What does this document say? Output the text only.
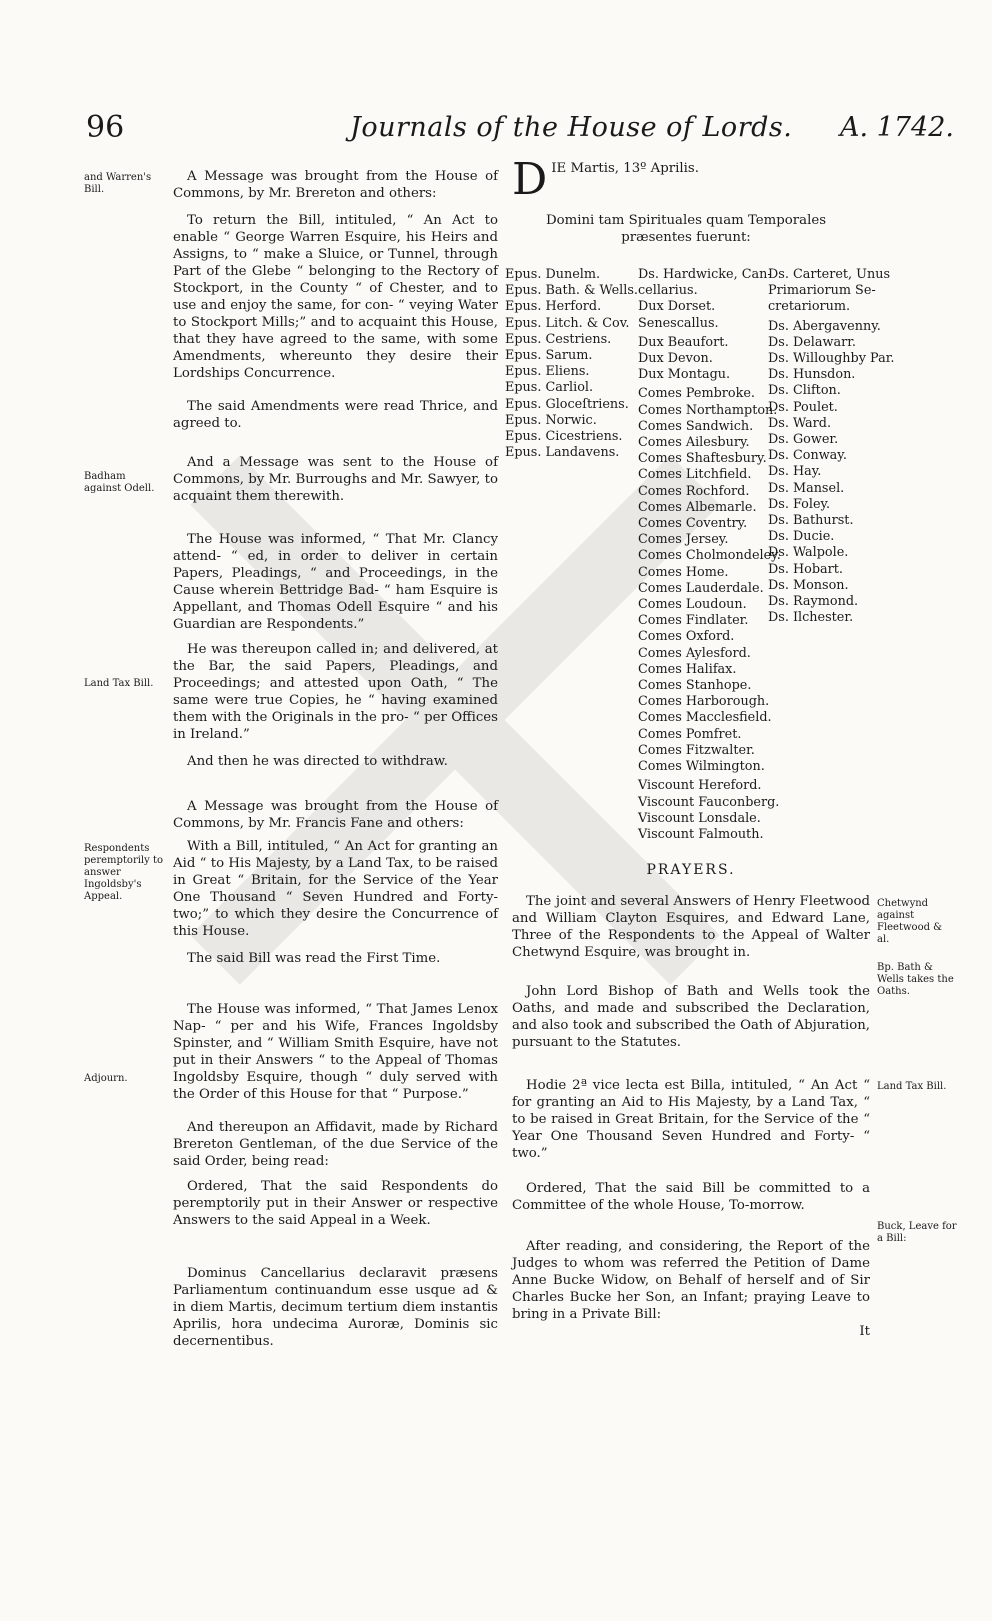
96	Journals of the House of Lords. A. 1742.
and Warren's Bill.
Badham against Odell.
Land Tax Bill.
Respondents peremptorily to answer Ingoldsby's Appeal.
Adjourn.
Chetwynd against Fleetwood & al.
Bp. Bath & Wells takes the Oaths.
Land Tax Bill.
Buck, Leave for a Bill:

A Message was brought from the House of Commons, by Mr. Brereton and others:

To return the Bill, intituled, “ An Act to enable “ George Warren Esquire, his Heirs and Assigns, to “ make a Sluice, or Tunnel, through Part of the Glebe “ belonging to the Rectory of Stockport, in the County “ of Chester, and to use and enjoy the same, for con- “ veying Water to Stockport Mills;” and to acquaint this House, that they have agreed to the same, with some Amendments, whereunto they desire their Lordships Concurrence.

The said Amendments were read Thrice, and agreed to.

And a Message was sent to the House of Commons, by Mr. Burroughs and Mr. Sawyer, to acquaint them therewith.

The House was informed, “ That Mr. Clancy attend- “ ed, in order to deliver in certain Papers, Pleadings, “ and Proceedings, in the Cause wherein Bettridge Bad- “ ham Esquire is Appellant, and Thomas Odell Esquire “ and his Guardian are Respondents.”

He was thereupon called in; and delivered, at the Bar, the said Papers, Pleadings, and Proceedings; and attested upon Oath, “ The same were true Copies, he “ having examined them with the Originals in the pro- “ per Offices in Ireland.”

And then he was directed to withdraw.

A Message was brought from the House of Commons, by Mr. Francis Fane and others:

With a Bill, intituled, “ An Act for granting an Aid “ to His Majesty, by a Land Tax, to be raised in Great “ Britain, for the Service of the Year One Thousand “ Seven Hundred and Forty-two;” to which they desire the Concurrence of this House.

The said Bill was read the First Time.

The House was informed, “ That James Lenox Nap- “ per and his Wife, Frances Ingoldsby Spinster, and “ William Smith Esquire, have not put in their Answers “ to the Appeal of Thomas Ingoldsby Esquire, though “ duly served with the Order of this House for that “ Purpose.”

And thereupon an Affidavit, made by Richard Brereton Gentleman, of the due Service of the said Order, being read:

Ordered, That the said Respondents do peremptorily put in their Answer or respective Answers to the said Appeal in a Week.

Dominus Cancellarius declaravit præsens Parliamentum continuandum esse usque ad & in diem Martis, decimum tertium diem instantis Aprilis, hora undecima Auroræ, Dominis sic decernentibus.

DIE Martis, 13º Aprilis.

Domini tam Spirituales quam Temporales præsentes fuerunt:

Epus. Dunelm.
Epus. Bath. & Wells.
Epus. Herford.
Epus. Litch. & Cov.
Epus. Cestriens.
Epus. Sarum.
Epus. Eliens.
Epus. Carliol.
Epus. Gloceſtriens.
Epus. Norwic.
Epus. Cicestriens.
Epus. Landavens.
Ds. Hardwicke, Can-
cellarius.
Dux Dorset.
Senescallus.

Dux Beaufort.
Dux Devon.
Dux Montagu.

Comes Pembroke.
Comes Northampton.
Comes Sandwich.
Comes Ailesbury.
Comes Shaftesbury.
Comes Litchfield.
Comes Rochford.
Comes Albemarle.
Comes Coventry.
Comes Jersey.
Comes Cholmondeley.
Comes Home.
Comes Lauderdale.
Comes Loudoun.
Comes Findlater.
Comes Oxford.
Comes Aylesford.
Comes Halifax.
Comes Stanhope.
Comes Harborough.
Comes Macclesfield.
Comes Pomfret.
Comes Fitzwalter.
Comes Wilmington.

Viscount Hereford.
Viscount Fauconberg.
Viscount Lonsdale.
Viscount Falmouth.
Ds. Carteret, Unus
Primariorum Se-
cretariorum.

Ds. Abergavenny.
Ds. Delawarr.
Ds. Willoughby Par.
Ds. Hunsdon.
Ds. Clifton.
Ds. Poulet.
Ds. Ward.
Ds. Gower.
Ds. Conway.
Ds. Hay.
Ds. Mansel.
Ds. Foley.
Ds. Bathurst.
Ds. Ducie.
Ds. Walpole.
Ds. Hobart.
Ds. Monson.
Ds. Raymond.
Ds. Ilchester.

PRAYERS.

The joint and several Answers of Henry Fleetwood and William Clayton Esquires, and Edward Lane, Three of the Respondents to the Appeal of Walter Chetwynd Esquire, was brought in.

John Lord Bishop of Bath and Wells took the Oaths, and made and subscribed the Declaration, and also took and subscribed the Oath of Abjuration, pursuant to the Statutes.

Hodie 2ª vice lecta est Billa, intituled, “ An Act “ for granting an Aid to His Majesty, by a Land Tax, “ to be raised in Great Britain, for the Service of the “ Year One Thousand Seven Hundred and Forty- “ two.”

Ordered, That the said Bill be committed to a Committee of the whole House, To-morrow.

After reading, and considering, the Report of the Judges to whom was referred the Petition of Dame Anne Bucke Widow, on Behalf of herself and of Sir Charles Bucke her Son, an Infant; praying Leave to bring in a Private Bill:

It
